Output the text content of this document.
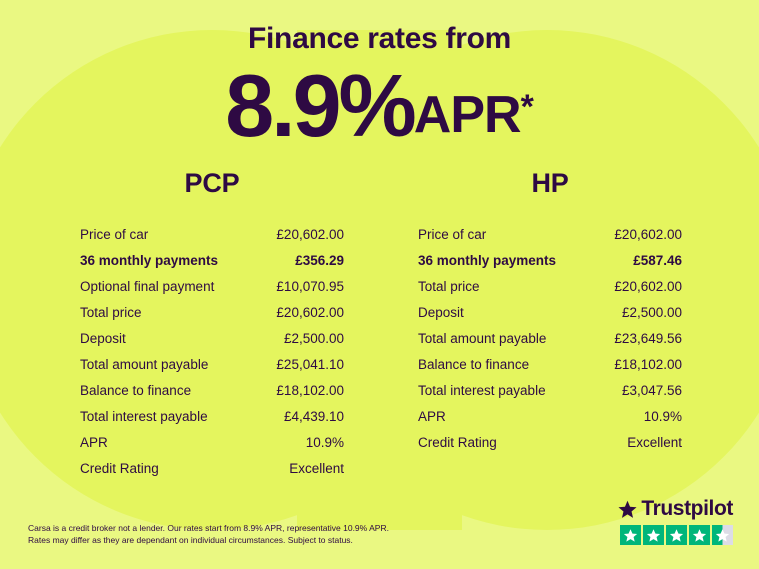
Finance rates from
8.9%APR*
PCP
Price of car	£20,602.00
36 monthly payments	£356.29
Optional final payment	£10,070.95
Total price	£20,602.00
Deposit	£2,500.00
Total amount payable	£25,041.10
Balance to finance	£18,102.00
Total interest payable	£4,439.10
APR	10.9%
Credit Rating	Excellent
HP
Price of car	£20,602.00
36 monthly payments	£587.46
Total price	£20,602.00
Deposit	£2,500.00
Total amount payable	£23,649.56
Balance to finance	£18,102.00
Total interest payable	£3,047.56
APR	10.9%
Credit Rating	Excellent
Carsa is a credit broker not a lender. Our rates start from 8.9% APR, representative 10.9% APR.
Rates may differ as they are dependant on individual circumstances. Subject to status.
Trustpilot
